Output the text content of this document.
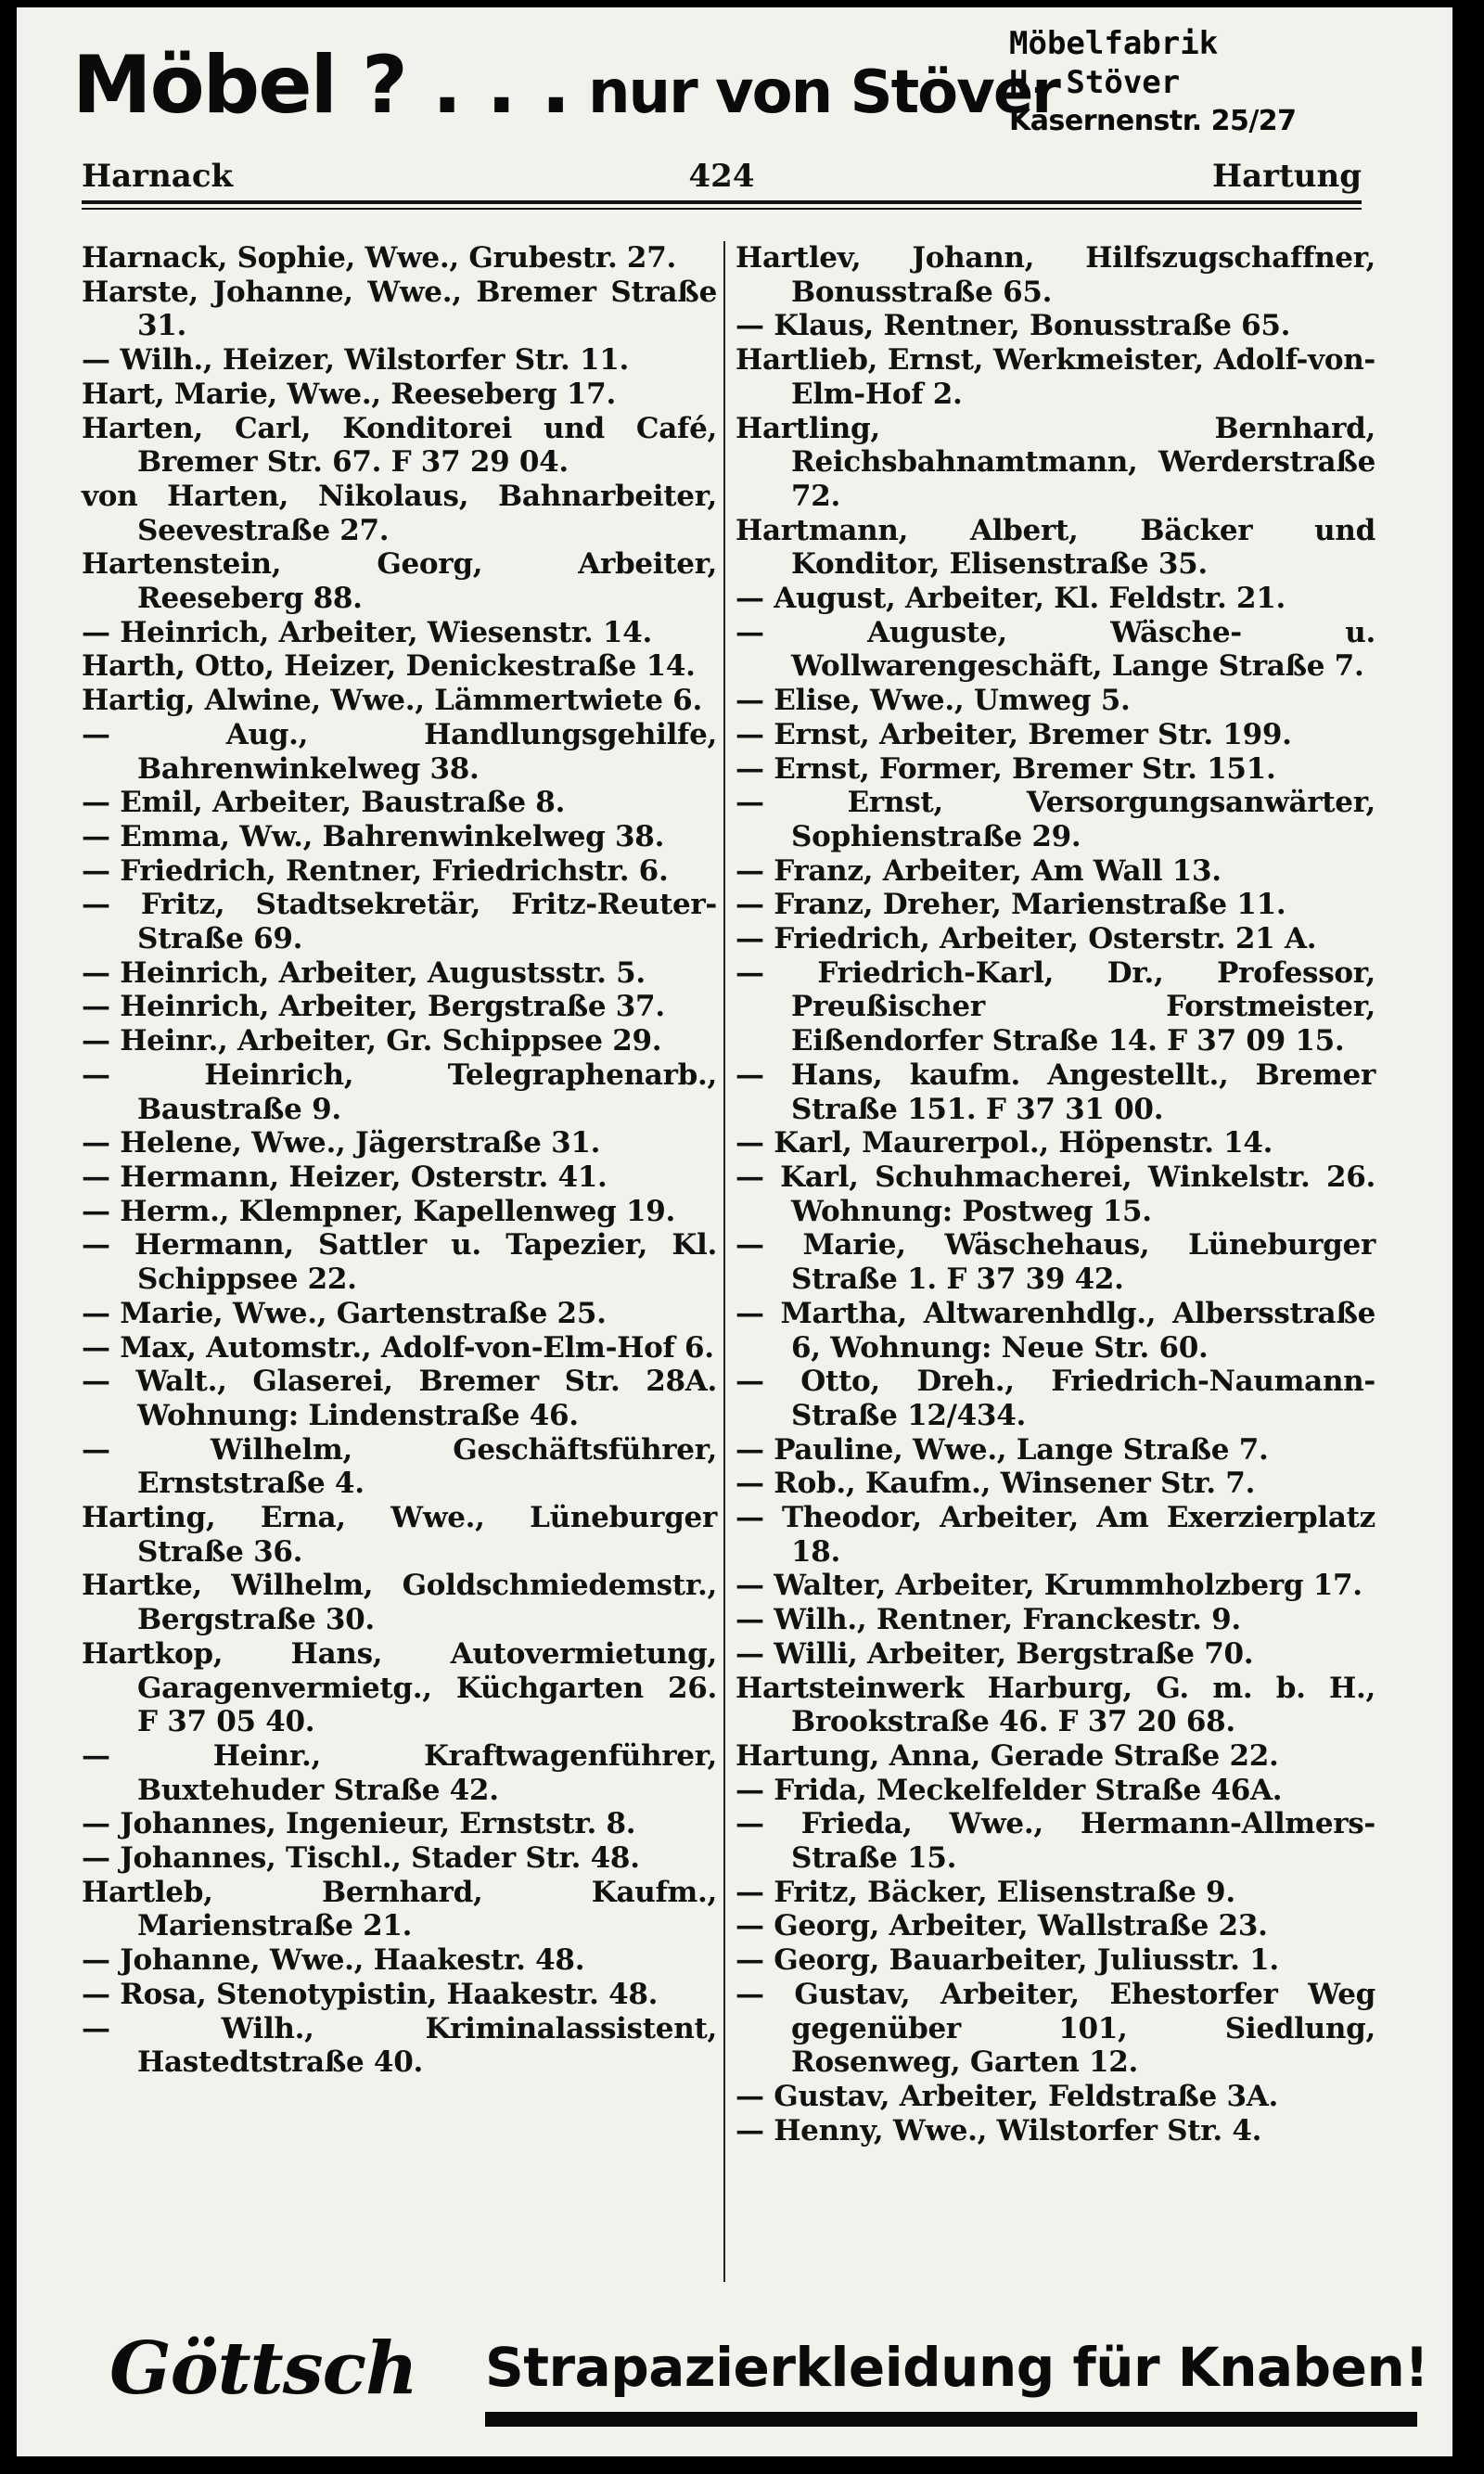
Möbel ? . . . nur von Stöver
Möbelfabrik
H. Stöver
Kasernenstr. 25/27
Harnack	424	Hartung
Harnack, Sophie, Wwe., Grubestr. 27.
Harste, Johanne, Wwe., Bremer Straße 31.
— Wilh., Heizer, Wilstorfer Str. 11.
Hart, Marie, Wwe., Reeseberg 17.
Harten, Carl, Konditorei und Café, Bremer Str. 67. F 37 29 04.
von Harten, Nikolaus, Bahnarbeiter, Seevestraße 27.
Hartenstein, Georg, Arbeiter, Reeseberg 88.
— Heinrich, Arbeiter, Wiesenstr. 14.
Harth, Otto, Heizer, Denickestraße 14.
Hartig, Alwine, Wwe., Lämmertwiete 6.
— Aug., Handlungsgehilfe, Bahrenwinkelweg 38.
— Emil, Arbeiter, Baustraße 8.
— Emma, Ww., Bahrenwinkelweg 38.
— Friedrich, Rentner, Friedrichstr. 6.
— Fritz, Stadtsekretär, Fritz-Reuter-Straße 69.
— Heinrich, Arbeiter, Augustsstr. 5.
— Heinrich, Arbeiter, Bergstraße 37.
— Heinr., Arbeiter, Gr. Schippsee 29.
— Heinrich, Telegraphenarb., Baustraße 9.
— Helene, Wwe., Jägerstraße 31.
— Hermann, Heizer, Osterstr. 41.
— Herm., Klempner, Kapellenweg 19.
— Hermann, Sattler u. Tapezier, Kl. Schippsee 22.
— Marie, Wwe., Gartenstraße 25.
— Max, Automstr., Adolf-von-Elm-Hof 6.
— Walt., Glaserei, Bremer Str. 28A. Wohnung: Lindenstraße 46.
— Wilhelm, Geschäftsführer, Ernststraße 4.
Harting, Erna, Wwe., Lüneburger Straße 36.
Hartke, Wilhelm, Goldschmiedemstr., Bergstraße 30.
Hartkop, Hans, Autovermietung, Garagenvermietg., Küchgarten 26. F 37 05 40.
— Heinr., Kraftwagenführer, Buxtehuder Straße 42.
— Johannes, Ingenieur, Ernststr. 8.
— Johannes, Tischl., Stader Str. 48.
Hartleb, Bernhard, Kaufm., Marienstraße 21.
— Johanne, Wwe., Haakestr. 48.
— Rosa, Stenotypistin, Haakestr. 48.
— Wilh., Kriminalassistent, Hastedtstraße 40.
Hartlev, Johann, Hilfszugschaffner, Bonusstraße 65.
— Klaus, Rentner, Bonusstraße 65.
Hartlieb, Ernst, Werkmeister, Adolf-von-Elm-Hof 2.
Hartling, Bernhard, Reichsbahnamtmann, Werderstraße 72.
Hartmann, Albert, Bäcker und Konditor, Elisenstraße 35.
— August, Arbeiter, Kl. Feldstr. 21.
— Auguste, Wäsche- u. Wollwarengeschäft, Lange Straße 7.
— Elise, Wwe., Umweg 5.
— Ernst, Arbeiter, Bremer Str. 199.
— Ernst, Former, Bremer Str. 151.
— Ernst, Versorgungsanwärter, Sophienstraße 29.
— Franz, Arbeiter, Am Wall 13.
— Franz, Dreher, Marienstraße 11.
— Friedrich, Arbeiter, Osterstr. 21 A.
— Friedrich-Karl, Dr., Professor, Preußischer Forstmeister, Eißendorfer Straße 14. F 37 09 15.
— Hans, kaufm. Angestellt., Bremer Straße 151. F 37 31 00.
— Karl, Maurerpol., Höpenstr. 14.
— Karl, Schuhmacherei, Winkelstr. 26. Wohnung: Postweg 15.
— Marie, Wäschehaus, Lüneburger Straße 1. F 37 39 42.
— Martha, Altwarenhdlg., Albersstraße 6, Wohnung: Neue Str. 60.
— Otto, Dreh., Friedrich-Naumann-Straße 12/434.
— Pauline, Wwe., Lange Straße 7.
— Rob., Kaufm., Winsener Str. 7.
— Theodor, Arbeiter, Am Exerzierplatz 18.
— Walter, Arbeiter, Krummholzberg 17.
— Wilh., Rentner, Franckestr. 9.
— Willi, Arbeiter, Bergstraße 70.
Hartsteinwerk Harburg, G. m. b. H., Brookstraße 46. F 37 20 68.
Hartung, Anna, Gerade Straße 22.
— Frida, Meckelfelder Straße 46A.
— Frieda, Wwe., Hermann-Allmers-Straße 15.
— Fritz, Bäcker, Elisenstraße 9.
— Georg, Arbeiter, Wallstraße 23.
— Georg, Bauarbeiter, Juliusstr. 1.
— Gustav, Arbeiter, Ehestorfer Weg gegenüber 101, Siedlung, Rosenweg, Garten 12.
— Gustav, Arbeiter, Feldstraße 3A.
— Henny, Wwe., Wilstorfer Str. 4.
Göttsch Strapazierkleidung für Knaben!
